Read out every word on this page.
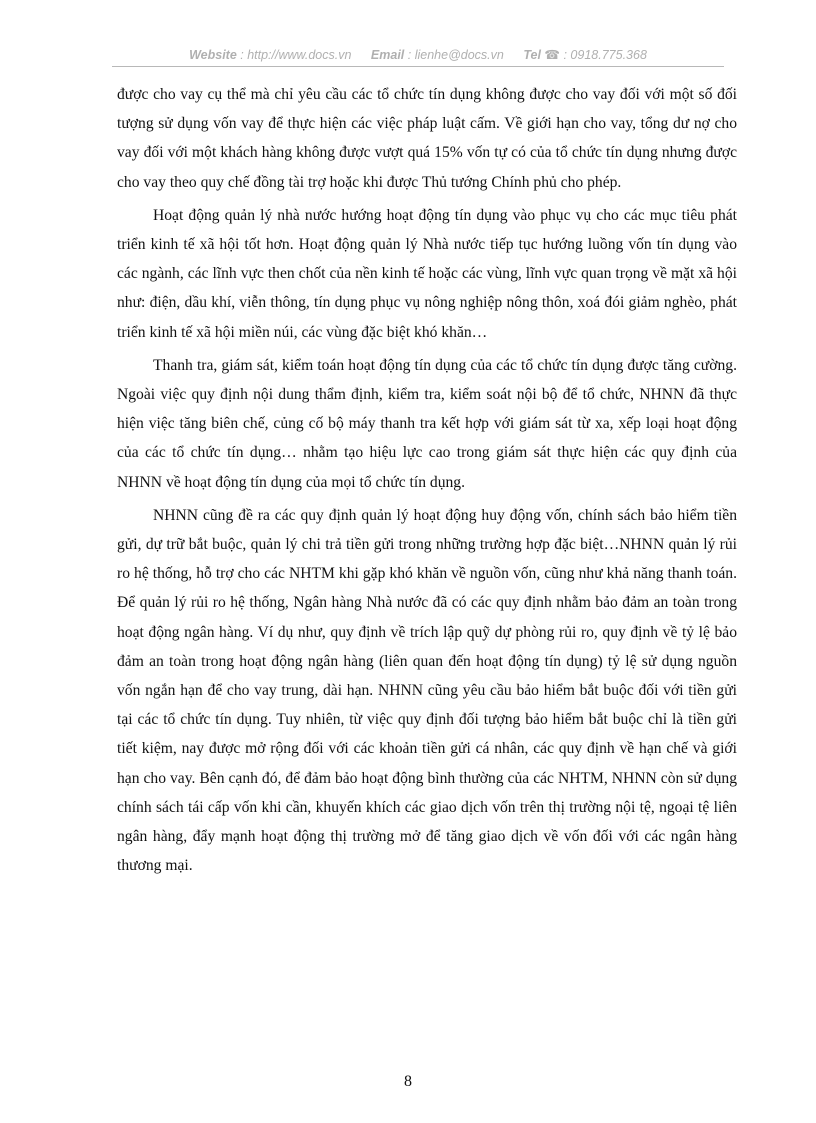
Website : http://www.docs.vn Email : lienhe@docs.vn Tel ☎ : 0918.775.368

được cho vay cụ thể mà chỉ yêu cầu các tổ chức tín dụng không được cho vay đối với một số đối tượng sử dụng vốn vay để thực hiện các việc pháp luật cấm. Về giới hạn cho vay, tổng dư nợ cho vay đối với một khách hàng không được vượt quá 15% vốn tự có của tổ chức tín dụng nhưng được cho vay theo quy chế đồng tài trợ hoặc khi được Thủ tướng Chính phủ cho phép.

Hoạt động quản lý nhà nước hướng hoạt động tín dụng vào phục vụ cho các mục tiêu phát triển kinh tế xã hội tốt hơn. Hoạt động quản lý Nhà nước tiếp tục hướng luồng vốn tín dụng vào các ngành, các lĩnh vực then chốt của nền kinh tế hoặc các vùng, lĩnh vực quan trọng về mặt xã hội như: điện, dầu khí, viễn thông, tín dụng phục vụ nông nghiệp nông thôn, xoá đói giảm nghèo, phát triển kinh tế xã hội miền núi, các vùng đặc biệt khó khăn…

Thanh tra, giám sát, kiểm toán hoạt động tín dụng của các tổ chức tín dụng được tăng cường. Ngoài việc quy định nội dung thẩm định, kiểm tra, kiểm soát nội bộ để tổ chức, NHNN đã thực hiện việc tăng biên chế, củng cố bộ máy thanh tra kết hợp với giám sát từ xa, xếp loại hoạt động của các tổ chức tín dụng… nhằm tạo hiệu lực cao trong giám sát thực hiện các quy định của NHNN về hoạt động tín dụng của mọi tổ chức tín dụng.

NHNN cũng đề ra các quy định quản lý hoạt động huy động vốn, chính sách bảo hiểm tiền gửi, dự trữ bắt buộc, quản lý chi trả tiền gửi trong những trường hợp đặc biệt…NHNN quản lý rủi ro hệ thống, hỗ trợ cho các NHTM khi gặp khó khăn về nguồn vốn, cũng như khả năng thanh toán. Để quản lý rủi ro hệ thống, Ngân hàng Nhà nước đã có các quy định nhằm bảo đảm an toàn trong hoạt động ngân hàng. Ví dụ như, quy định về trích lập quỹ dự phòng rủi ro, quy định về tỷ lệ bảo đảm an toàn trong hoạt động ngân hàng (liên quan đến hoạt động tín dụng) tỷ lệ sử dụng nguồn vốn ngắn hạn để cho vay trung, dài hạn. NHNN cũng yêu cầu bảo hiểm bắt buộc đối với tiền gửi tại các tổ chức tín dụng. Tuy nhiên, từ việc quy định đối tượng bảo hiểm bắt buộc chỉ là tiền gửi tiết kiệm, nay được mở rộng đối với các khoản tiền gửi cá nhân, các quy định về hạn chế và giới hạn cho vay. Bên cạnh đó, để đảm bảo hoạt động bình thường của các NHTM, NHNN còn sử dụng chính sách tái cấp vốn khi cần, khuyến khích các giao dịch vốn trên thị trường nội tệ, ngoại tệ liên ngân hàng, đẩy mạnh hoạt động thị trường mở để tăng giao dịch về vốn đối với các ngân hàng thương mại.

8
